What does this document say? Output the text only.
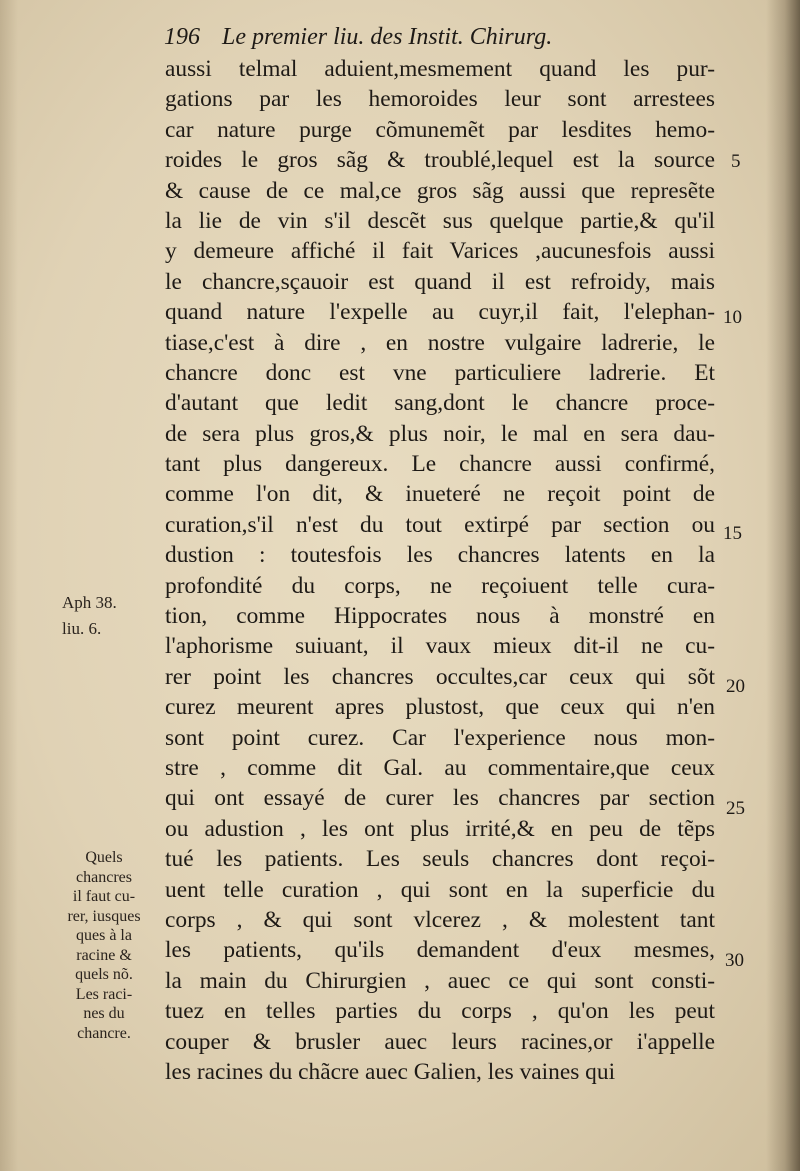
196 Le premier liu. des Instit. Chirurg.
aussi telmal aduient,mesmement quand les pur-
gations par les hemoroides leur sont arrestees
car nature purge cõmunemẽt par lesdites hemo-
roides le gros sãg & troublé,lequel est la source
& cause de ce mal,ce gros sãg aussi que represẽte
la lie de vin s'il descẽt sus quelque partie,& qu'il
y demeure affiché il fait Varices ,aucunesfois aussi
le chancre,sçauoir est quand il est refroidy, mais
quand nature l'expelle au cuyr,il fait, l'elephan-
tiase,c'est à dire , en nostre vulgaire ladrerie, le
chancre donc est vne particuliere ladrerie. Et
d'autant que ledit sang,dont le chancre proce-
de sera plus gros,& plus noir, le mal en sera dau-
tant plus dangereux. Le chancre aussi confirmé,
comme l'on dit, & inueteré ne reçoit point de
curation,s'il n'est du tout extirpé par section ou
dustion : toutesfois les chancres latents en la
profondité du corps, ne reçoiuent telle cura-
tion, comme Hippocrates nous à monstré en
l'aphorisme suiuant, il vaux mieux dit-il ne cu-
rer point les chancres occultes,car ceux qui sõt
curez meurent apres plustost, que ceux qui n'en
sont point curez. Car l'experience nous mon-
stre , comme dit Gal. au commentaire,que ceux
qui ont essayé de curer les chancres par section
ou adustion , les ont plus irrité,& en peu de tẽps
tué les patients. Les seuls chancres dont reçoi-
uent telle curation , qui sont en la superficie du
corps , & qui sont vlcerez , & molestent tant
les patients, qu'ils demandent d'eux mesmes,
la main du Chirurgien , auec ce qui sont consti-
tuez en telles parties du corps , qu'on les peut
couper & brusler auec leurs racines,or i'appelle
les racines du chãcre auec Galien, les vaines qui
5
10
15
20
25
30
Aph 38.
liu. 6.
Quels
chancres
il faut cu-
rer, iusques
ques à la
racine &
quels nõ.
Les raci-
nes du
chancre.
